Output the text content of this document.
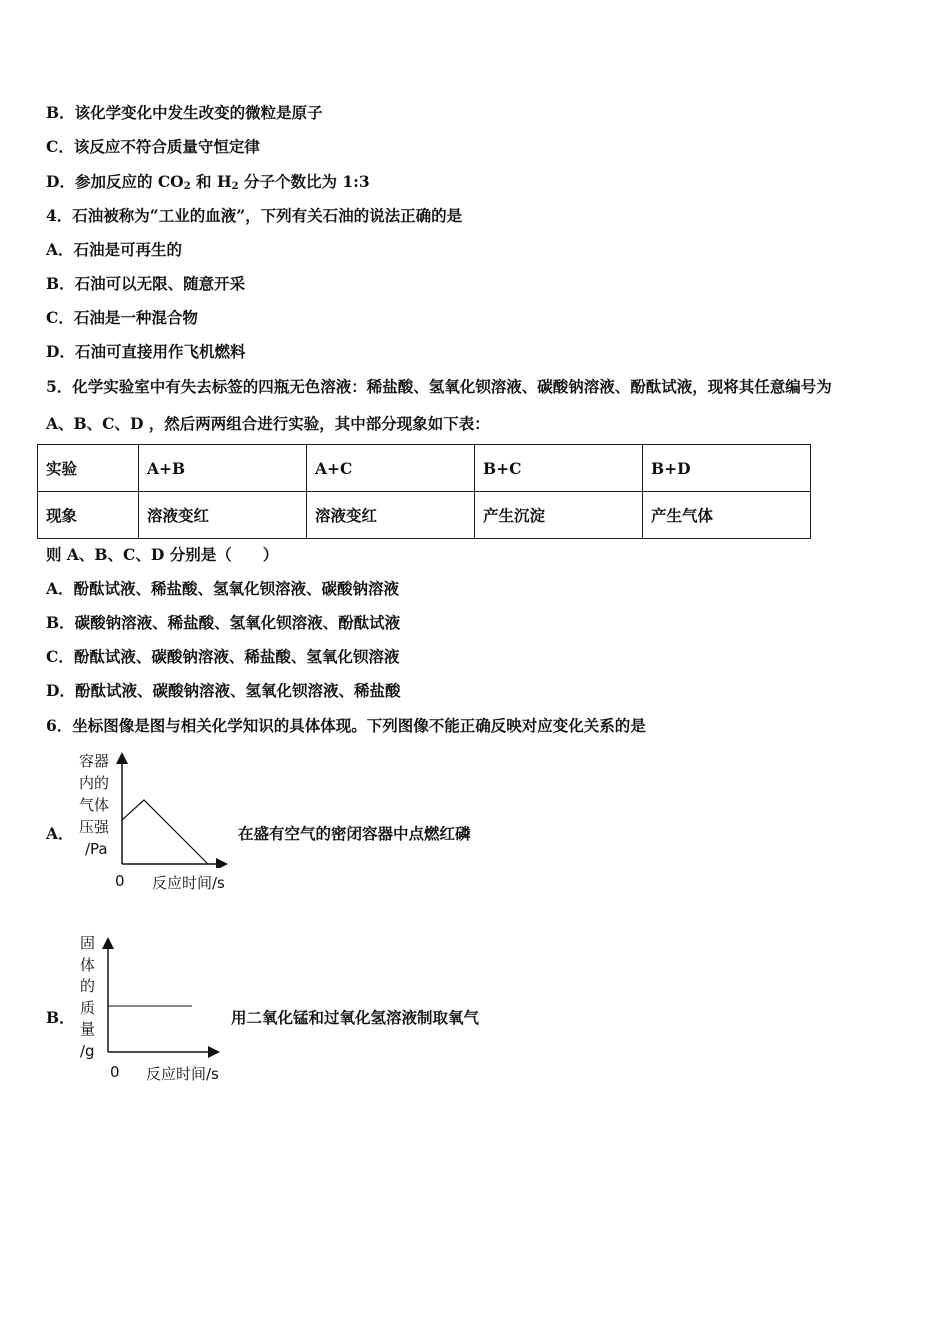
B．该化学变化中发生改变的微粒是原子
C．该反应不符合质量守恒定律
D．参加反应的 $CO_2$ 和 $H_2$ 分子个数比为 1:3
4．石油被称为“工业的血液”，下列有关石油的说法正确的是
A．石油是可再生的
B．石油可以无限、随意开采
C．石油是一种混合物
D．石油可直接用作飞机燃料
5．化学实验室中有失去标签的四瓶无色溶液：稀盐酸、氢氧化钡溶液、碳酸钠溶液、酚酞试液，现将其任意编号为
A、B、C、D ，然后两两组合进行实验，其中部分现象如下表：
实验	A+B	A+C	B+C	B+D
现象	溶液变红	溶液变红	产生沉淀	产生气体
则 A、B、C、D 分别是（　　）
A．酚酞试液、稀盐酸、氢氧化钡溶液、碳酸钠溶液
B．碳酸钠溶液、稀盐酸、氢氧化钡溶液、酚酞试液
C．酚酞试液、碳酸钠溶液、稀盐酸、氢氧化钡溶液
D．酚酞试液、碳酸钠溶液、氢氧化钡溶液、稀盐酸
6．坐标图像是图与相关化学知识的具体体现。下列图像不能正确反映对应变化关系的是
A．
容器
内的
气体
压强
/Pa
0 反应时间/s
在盛有空气的密闭容器中点燃红磷
B．
固
体
的
质
量
/g
0 反应时间/s
用二氧化锰和过氧化氢溶液制取氧气
